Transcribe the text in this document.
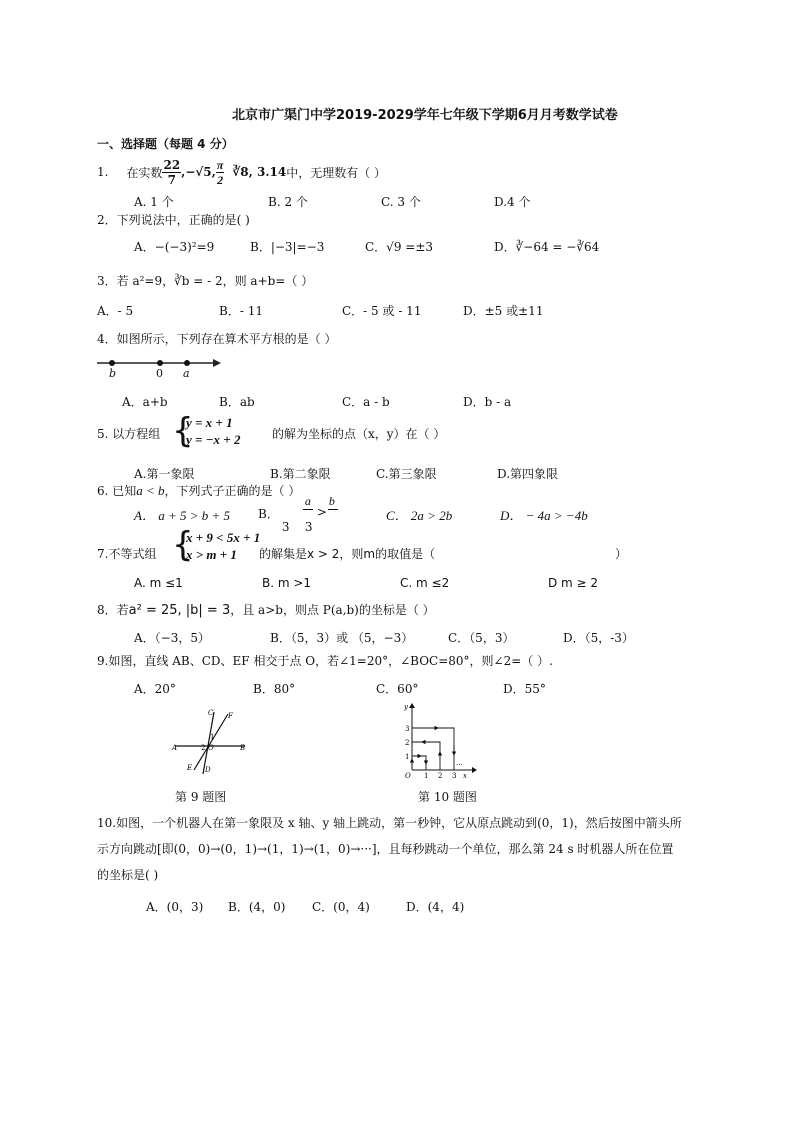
北京市广渠门中学2019-2029学年七年级下学期6月月考数学试卷
一、选择题（每题 4 分）
1. 在实数 $\frac{22}{7} ,-√5$, $\frac{\pi}{2}$ ∛8, 3.14 中，无理数有（ ）
A. 1 个	B. 2 个	C. 3 个	D.4 个
2．下列说法中，正确的是( )
A．−(−3)²=9	B．|−3|=−3	C．√9 =±3	D．∛−64 = −∛64
3．若 a²=9，∛b = - 2，则 a+b=（ ）
A．- 5	B．- 11	C．- 5 或 - 11	D．±5 或±11
4．如图所示，下列存在算术平方根的是（ ）
b	0 a
A．a+b	B．ab	C．a - b	D．b - a
5. 以方程组 {
y = x + 1
y = −x + 2	的解为坐标的点（x，y）在（ ）
A.第一象限	B.第二象限	C.第三象限	D.第四象限
6. 已知a < b，下列式子正确的是（ ）
A． a + 5 > b + 5 B．
a
3 3
>
b
C． 2a > 2b	D． − 4a > −4b
7.不等式组 {
x + 9 < 5x + 1
x > m + 1 的解集是x > 2，则m的取值是（	）
A. m ≤1	B. m >1	C. m ≤2	D m ≥ 2
8．若a² = 25, |b| = 3，且 a>b，则点 P(a,b)的坐标是（ ）
A．（−3，5）	B．（5，3）或 （5，−3）	C．（5，3）	D．（5，-3）
9.如图，直线 AB、CD、EF 相交于点 O，若∠1=20°，∠BOC=80°，则∠2=（ ）.
A．20°	B．80°	C．60°	D．55°
A	B
C F
E D
O
1
2
第 9 题图
y
3
2
1
O 1 2 3 x
···
第 10 题图
10.如图，一个机器人在第一象限及 x 轴、y 轴上跳动，第一秒钟，它从原点跳动到(0，1)，然后按图中箭头所
示方向跳动[即(0，0)→(0，1)→(1，1)→(1，0)→···]，且每秒跳动一个单位，那么第 24 s 时机器人所在位置
的坐标是( )
A．(0，3) B．(4，0) C．(0，4)	D．(4，4)
